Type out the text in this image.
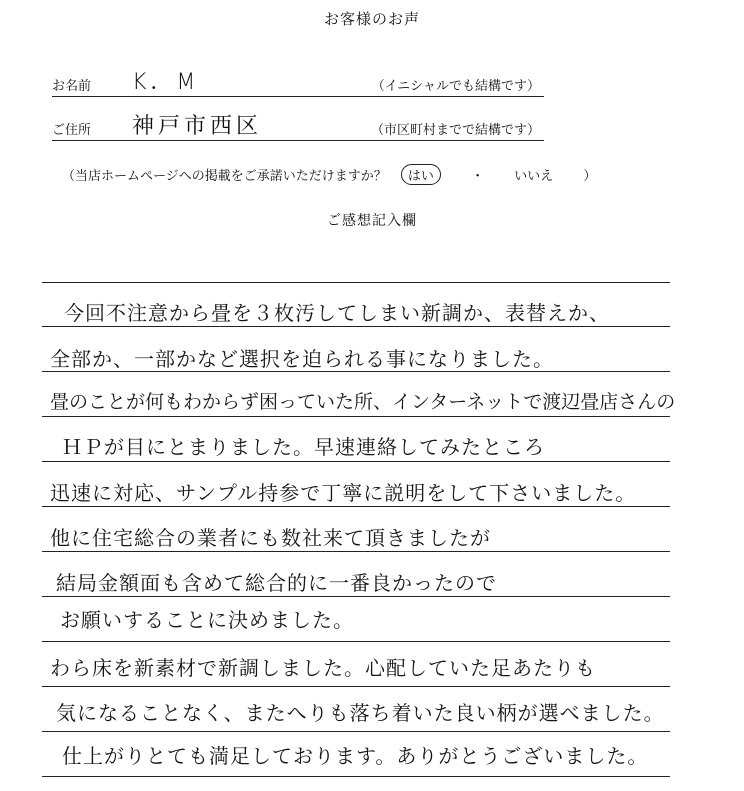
お客様のお声
お名前 K．M	（イニシャルでも結構です）
ご住所 神戸市西区	（市区町村までで結構です）
（当店ホームページへの掲載をご承諾いただけますか？ はい	・ いいえ ）
ご感想記入欄
今回不注意から畳を３枚汚してしまい新調か、表替えか、
全部か、一部かなど選択を迫られる事になりました。
畳のことが何もわからず困っていた所、インターネットで渡辺畳店さんの
ＨＰが目にとまりました。早速連絡してみたところ
迅速に対応、サンプル持参で丁寧に説明をして下さいました。
他に住宅総合の業者にも数社来て頂きましたが
結局金額面も含めて総合的に一番良かったので
お願いすることに決めました。
わら床を新素材で新調しました。心配していた足あたりも
気になることなく、またへりも落ち着いた良い柄が選べました。
仕上がりとても満足しております。ありがとうございました。
